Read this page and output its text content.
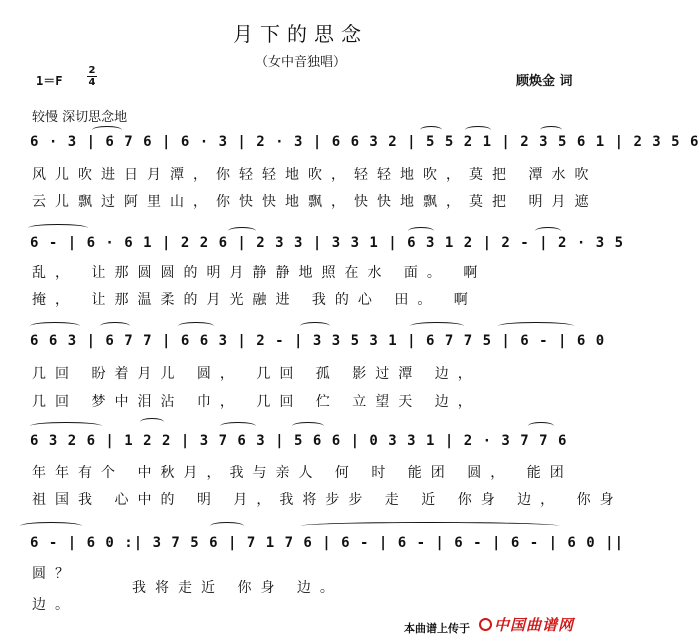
月下的思念
（女中音独唱）
1＝F
2
4	顾焕金 词
较慢 深切思念地
6 · 3 | 6 7 6 | 6 · 3 | 2 · 3 | 6 6 3 2 | 5 5 2 1 | 2 3 5 6 1 | 2 3 5 6
风儿吹进日月潭，你轻轻地吹，轻轻地吹，莫把 潭水吹
云儿飘过阿里山，你快快地飘，快快地飘，莫把 明月遮
6 - | 6 · 6 1 | 2 2 6 | 2 3 3 | 3 3 1 | 6 3 1 2 | 2 - | 2 · 3 5
乱， 让那圆圆的明月静静地照在水 面。 啊
掩， 让那温柔的月光融进 我的心 田。 啊
6 6 3 | 6 7 7 | 6 6 3 | 2 - | 3 3 5 3 1 | 6 7 7 5 | 6 - | 6 0
几回 盼着月儿 圆， 几回 孤 影过潭 边，
几回 梦中泪沾 巾， 几回 伫 立望天 边，
6 3 2 6 | 1 2 2 | 3 7 6 3 | 5 6 6 | 0 3 3 1 | 2 · 3 7 7 6
年年有个 中秋月，我与亲人 何 时 能团 圆， 能团
祖国我 心中的 明 月，我将步步 走 近 你身 边， 你身
6 - | 6 0 :| 3 7 5 6 | 7 1 7 6 | 6 - | 6 - | 6 - | 6 - | 6 0 ||
圆？
我将走近 你身 边。
边。
本曲谱上传于 中国曲谱网
